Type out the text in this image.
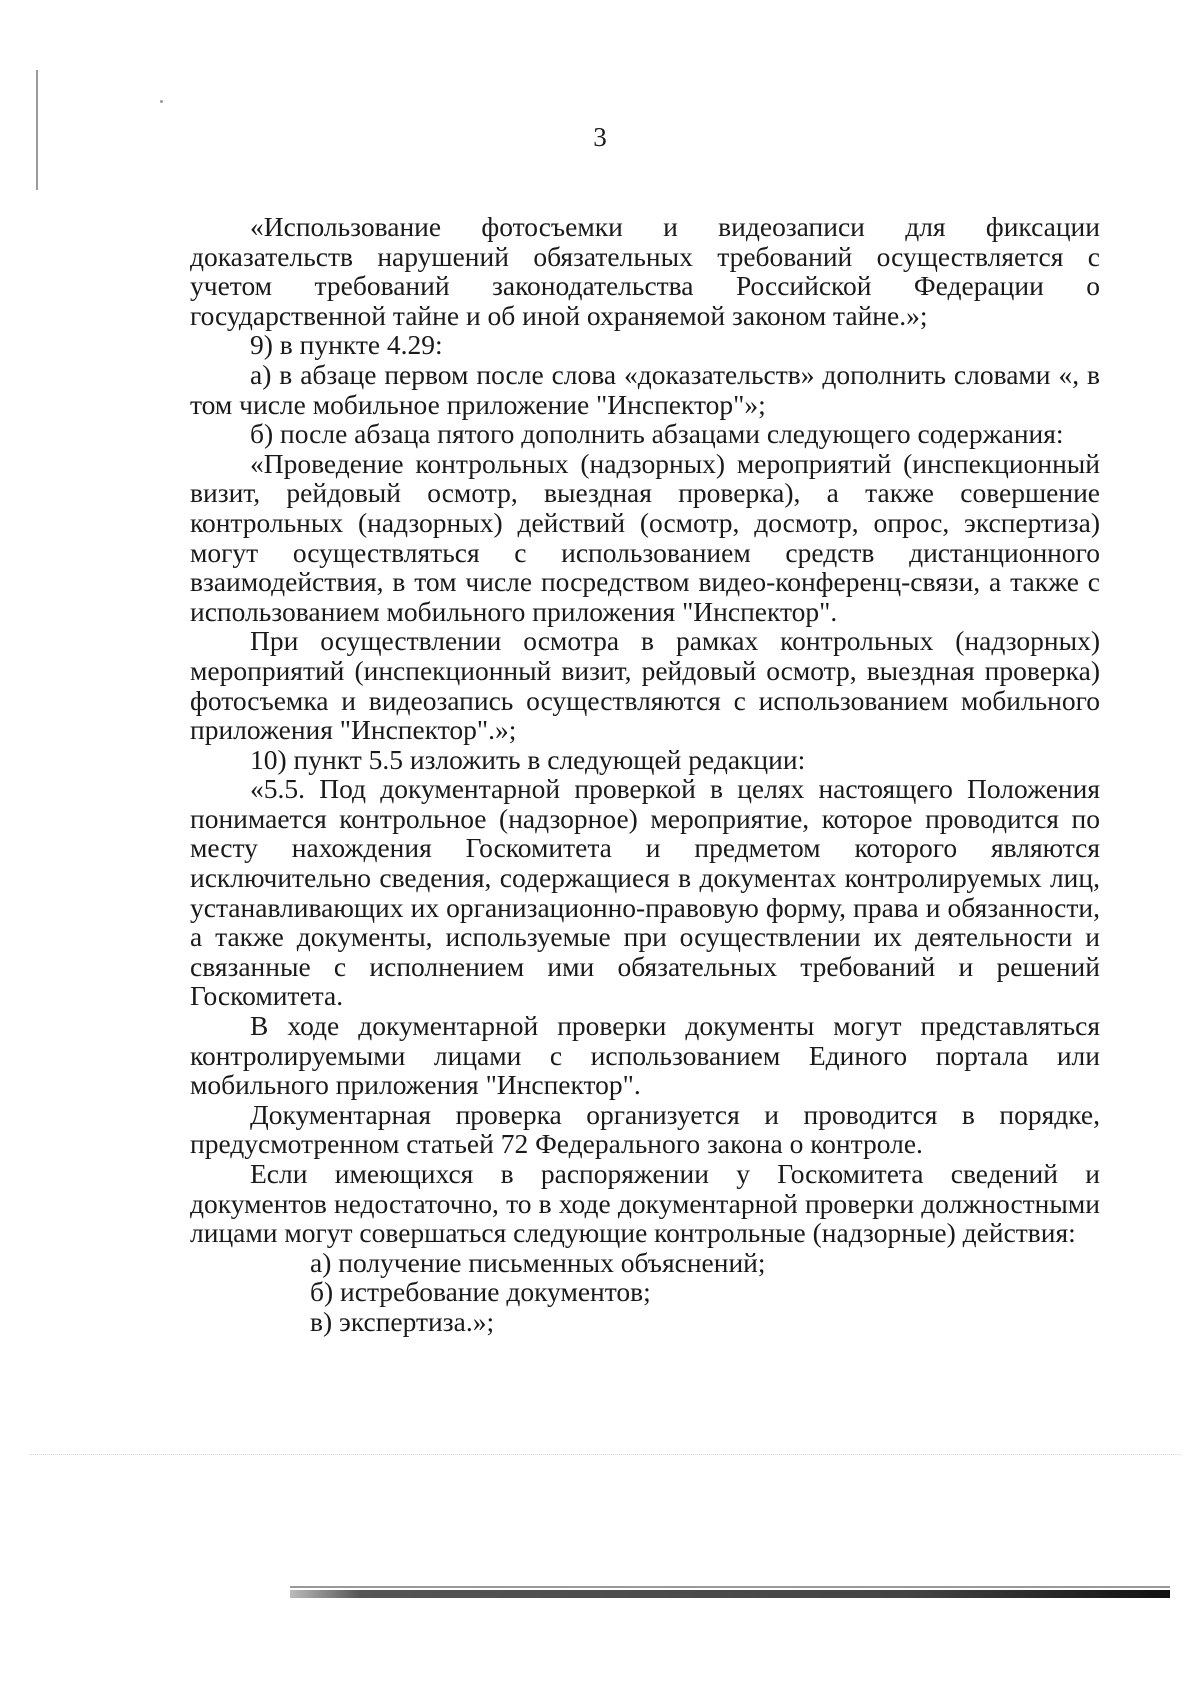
3

«Использование фотосъемки и видеозаписи для фиксации доказательств нарушений обязательных требований осуществляется с учетом требований законодательства Российской Федерации о государственной тайне и об иной охраняемой законом тайне.»;

9) в пункте 4.29:

а) в абзаце первом после слова «доказательств» дополнить словами «, в том числе мобильное приложение "Инспектор"»;

б) после абзаца пятого дополнить абзацами следующего содержания:

«Проведение контрольных (надзорных) мероприятий (инспекционный визит, рейдовый осмотр, выездная проверка), а также совершение контрольных (надзорных) действий (осмотр, досмотр, опрос, экспертиза) могут осуществляться с использованием средств дистанционного взаимодействия, в том числе посредством видео-конференц-связи, а также с использованием мобильного приложения "Инспектор".

При осуществлении осмотра в рамках контрольных (надзорных) мероприятий (инспекционный визит, рейдовый осмотр, выездная проверка) фотосъемка и видеозапись осуществляются с использованием мобильного приложения "Инспектор".»;

10) пункт 5.5 изложить в следующей редакции:

«5.5. Под документарной проверкой в целях настоящего Положения понимается контрольное (надзорное) мероприятие, которое проводится по месту нахождения Госкомитета и предметом которого являются исключительно сведения, содержащиеся в документах контролируемых лиц, устанавливающих их организационно-правовую форму, права и обязанности, а также документы, используемые при осуществлении их деятельности и связанные с исполнением ими обязательных требований и решений Госкомитета.

В ходе документарной проверки документы могут представляться контролируемыми лицами с использованием Единого портала или мобильного приложения "Инспектор".

Документарная проверка организуется и проводится в порядке, предусмотренном статьей 72 Федерального закона о контроле.

Если имеющихся в распоряжении у Госкомитета сведений и документов недостаточно, то в ходе документарной проверки должностными лицами могут совершаться следующие контрольные (надзорные) действия:

а) получение письменных объяснений;

б) истребование документов;

в) экспертиза.»;
